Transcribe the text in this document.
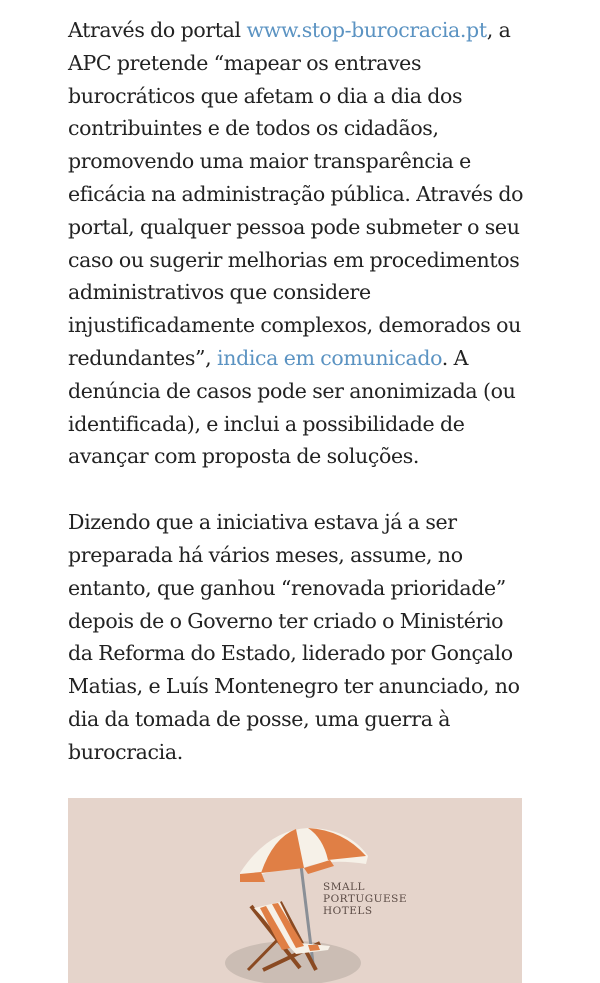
Através do portal www.stop-burocracia.pt, a
APC pretende “mapear os entraves
burocráticos que afetam o dia a dia dos
contribuintes e de todos os cidadãos,
promovendo uma maior transparência e
eficácia na administração pública. Através do
portal, qualquer pessoa pode submeter o seu
caso ou sugerir melhorias em procedimentos
administrativos que considere
injustificadamente complexos, demorados ou
redundantes”, indica em comunicado. A
denúncia de casos pode ser anonimizada (ou
identificada), e inclui a possibilidade de
avançar com proposta de soluções.

Dizendo que a iniciativa estava já a ser
preparada há vários meses, assume, no
entanto, que ganhou “renovada prioridade”
depois de o Governo ter criado o Ministério
da Reforma do Estado, liderado por Gonçalo
Matias, e Luís Montenegro ter anunciado, no
dia da tomada de posse, uma guerra à
burocracia.

SMALL
PORTUGUESE
HOTELS
